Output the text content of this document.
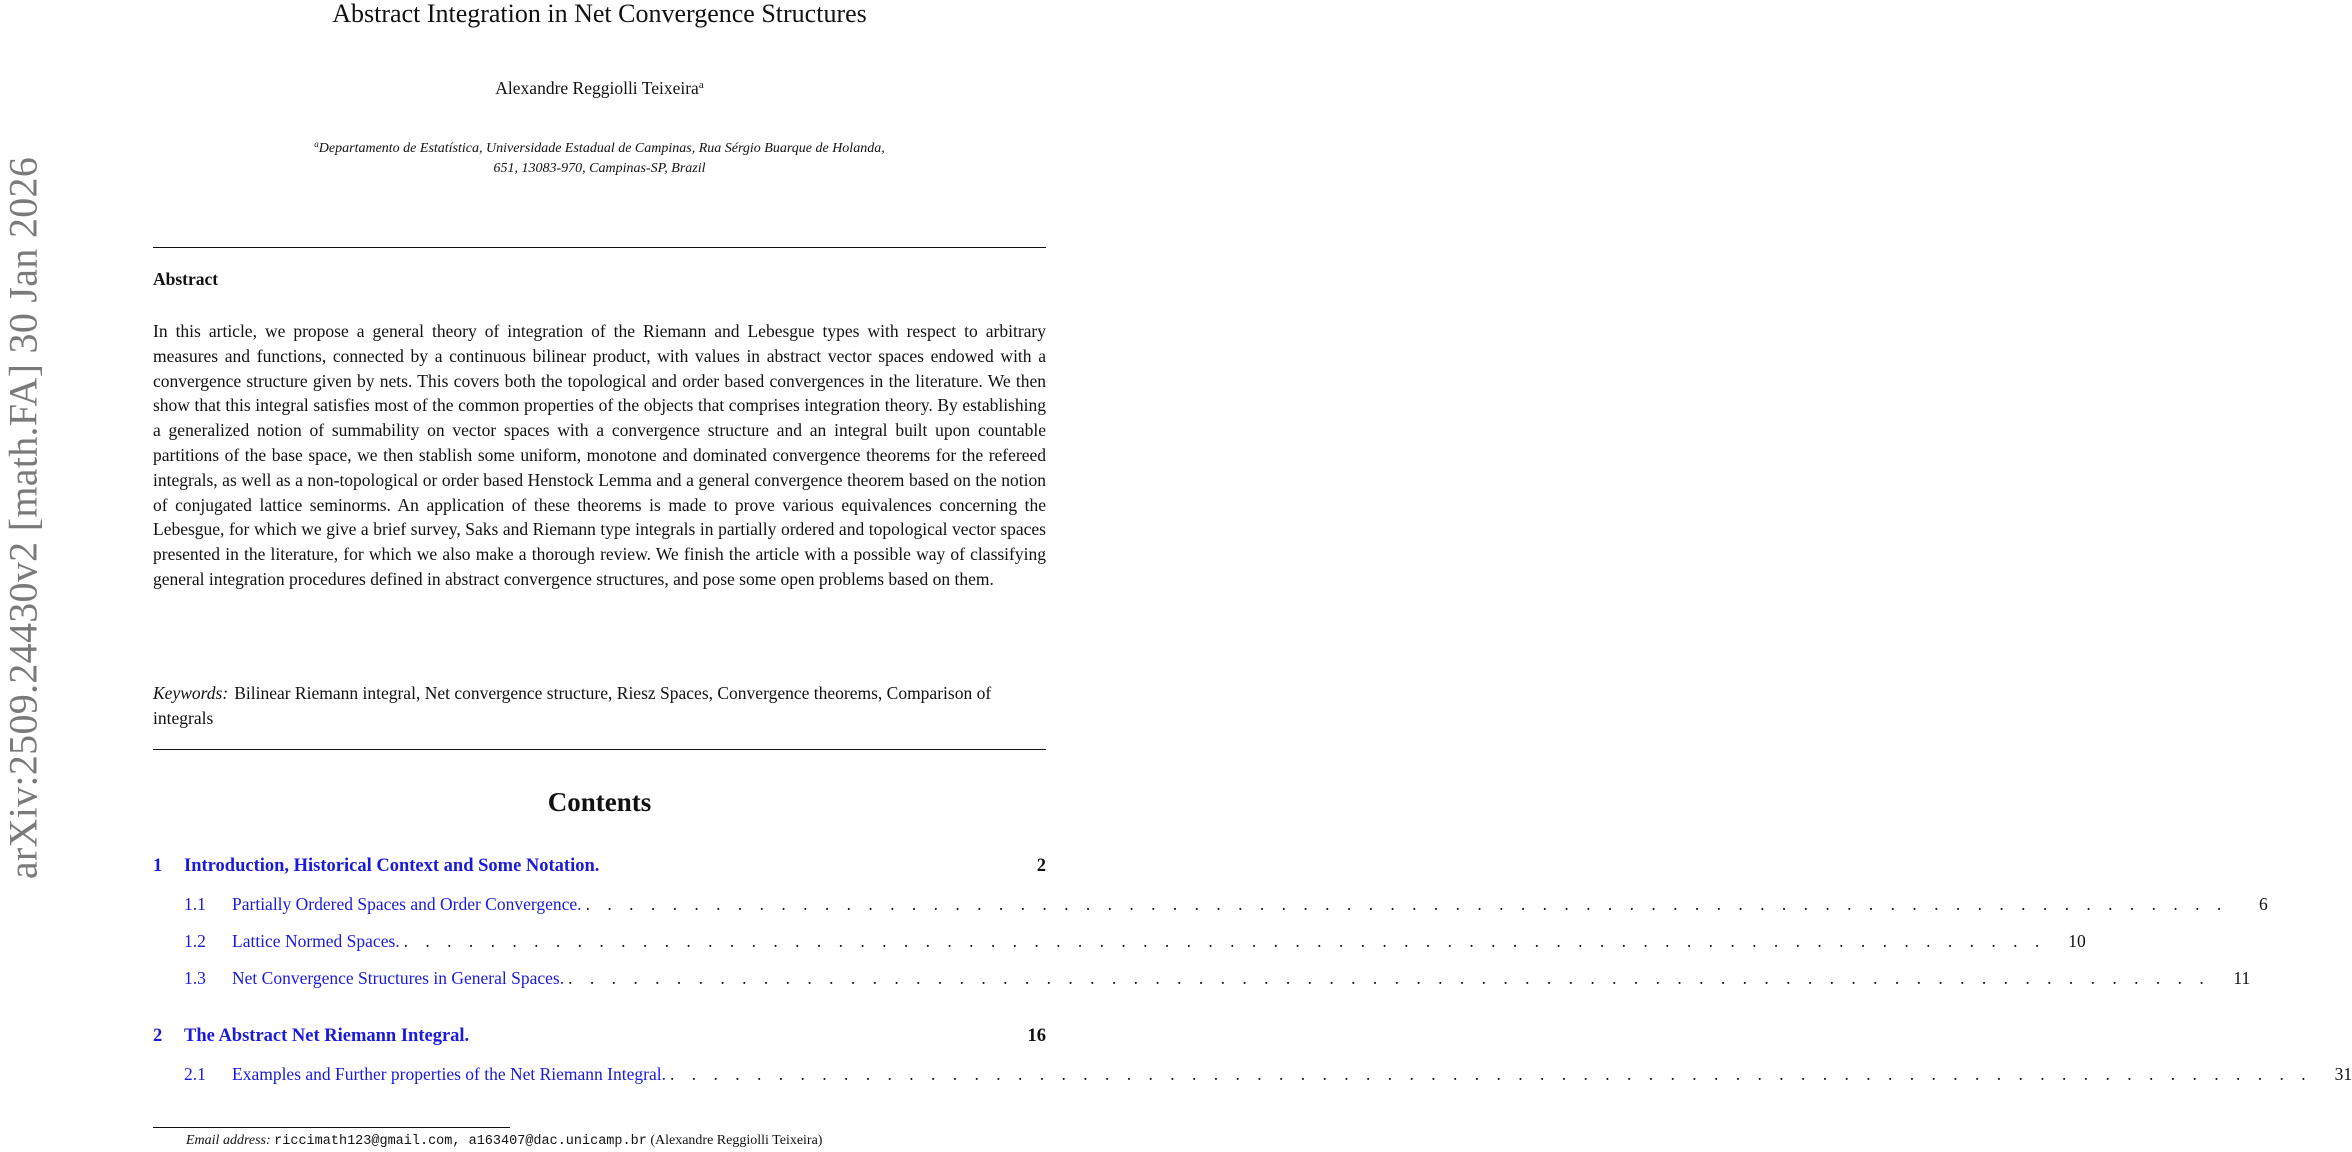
arXiv:2509.24430v2 [math.FA] 30 Jan 2026
Abstract Integration in Net Convergence Structures
Alexandre Reggiolli Teixeira$^a$
$^a$Departamento de Estatística, Universidade Estadual de Campinas, Rua Sérgio Buarque de Holanda,
651, 13083-970, Campinas-SP, Brazil
Abstract
In this article, we propose a general theory of integration of the Riemann and Lebesgue types with respect to arbitrary measures and functions, connected by a continuous bilinear product, with values in abstract vector spaces endowed with a convergence structure given by nets. This covers both the topological and order based convergences in the literature. We then show that this integral satisfies most of the common properties of the objects that comprises integration theory. By establishing a generalized notion of summability on vector spaces with a convergence structure and an integral built upon countable partitions of the base space, we then stablish some uniform, monotone and dominated convergence theorems for the refereed integrals, as well as a non-topological or order based Henstock Lemma and a general convergence theorem based on the notion of conjugated lattice seminorms. An application of these theorems is made to prove various equivalences concerning the Lebesgue, for which we give a brief survey, Saks and Riemann type integrals in partially ordered and topological vector spaces presented in the literature, for which we also make a thorough review. We finish the article with a possible way of classifying general integration procedures defined in abstract convergence structures, and pose some open problems based on them.
Keywords: Bilinear Riemann integral, Net convergence structure, Riesz Spaces, Convergence theorems, Comparison of integrals
Contents
1	Introduction, Historical Context and Some Notation.	2
1.1	Partially Ordered Spaces and Order Convergence. . . . . . . . . . . . . . . . . . . . . . . . . . . . . . . . . . . . . . . . . . . . . . . . . . . . . . . . . . . . . . . . . . . . . . . . . . . . .	6
1.2	Lattice Normed Spaces. . . . . . . . . . . . . . . . . . . . . . . . . . . . . . . . . . . . . . . . . . . . . . . . . . . . . . . . . . . . . . . . . . . . . . . . . . . . .	10
1.3	Net Convergence Structures in General Spaces. . . . . . . . . . . . . . . . . . . . . . . . . . . . . . . . . . . . . . . . . . . . . . . . . . . . . . . . . . . . . . . . . . . . . . . . . . . . .	11
2	The Abstract Net Riemann Integral.	16
2.1	Examples and Further properties of the Net Riemann Integral. . . . . . . . . . . . . . . . . . . . . . . . . . . . . . . . . . . . . . . . . . . . . . . . . . . . . . . . . . . . . . . . . . . . . . . . . . . . .	31
Email address: riccimath123@gmail.com, a163407@dac.unicamp.br (Alexandre Reggiolli Teixeira)
